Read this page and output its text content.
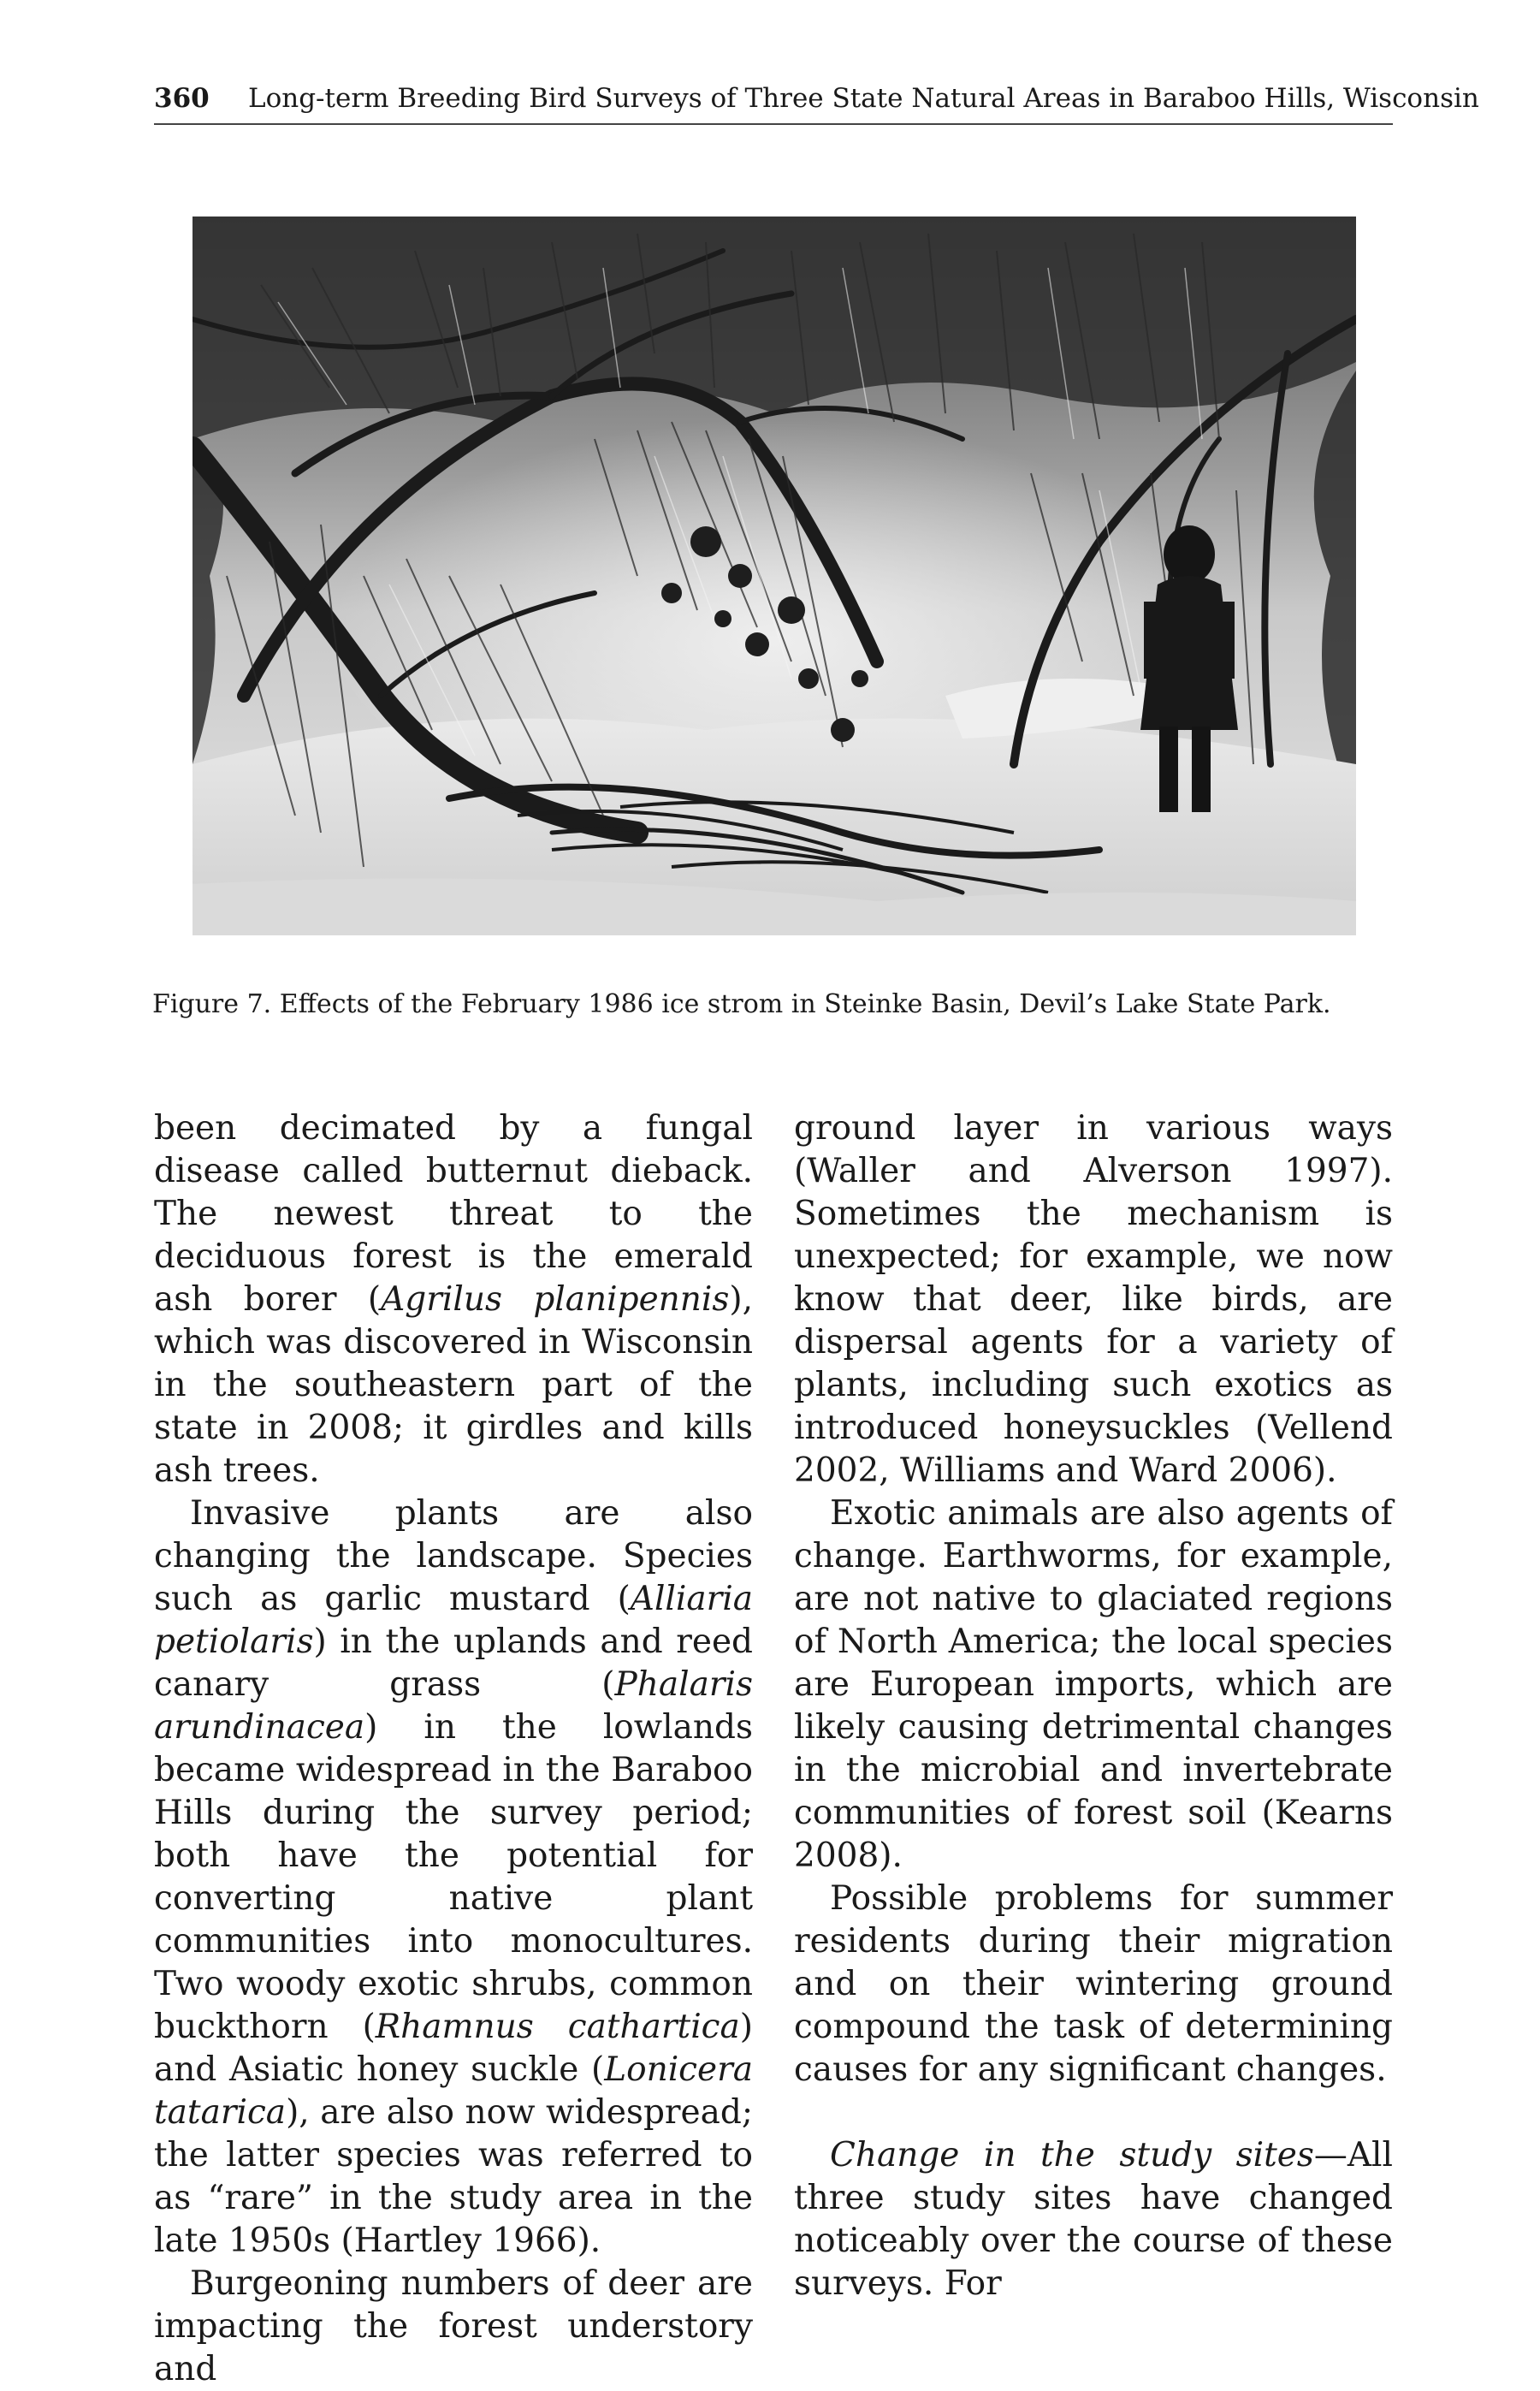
360 Long-term Breeding Bird Surveys of Three State Natural Areas in Baraboo Hills, Wisconsin
Figure 7. Effects of the February 1986 ice strom in Steinke Basin, Devil’s Lake State Park.

been decimated by a fungal disease called butternut dieback. The newest threat to the deciduous forest is the emerald ash borer (Agrilus planipennis), which was discovered in Wisconsin in the southeastern part of the state in 2008; it girdles and kills ash trees.

Invasive plants are also changing the landscape. Species such as garlic mustard (Alliaria petiolaris) in the uplands and reed canary grass (Phalaris arundinacea) in the lowlands became widespread in the Baraboo Hills during the survey period; both have the potential for converting native plant communities into monocultures. Two woody exotic shrubs, common buckthorn (Rhamnus cathartica) and Asiatic honey suckle (Lonicera tatarica), are also now widespread; the latter species was referred to as “rare” in the study area in the late 1950s (Hartley 1966).

Burgeoning numbers of deer are impacting the forest understory and

ground layer in various ways (Waller and Alverson 1997). Sometimes the mechanism is unexpected; for example, we now know that deer, like birds, are dispersal agents for a variety of plants, including such exotics as introduced honeysuckles (Vellend 2002, Williams and Ward 2006).

Exotic animals are also agents of change. Earthworms, for example, are not native to glaciated regions of North America; the local species are European imports, which are likely causing detrimental changes in the microbial and invertebrate communities of forest soil (Kearns 2008).

Possible problems for summer residents during their migration and on their wintering ground compound the task of determining causes for any significant changes.

Change in the study sites—All three study sites have changed noticeably over the course of these surveys. For
